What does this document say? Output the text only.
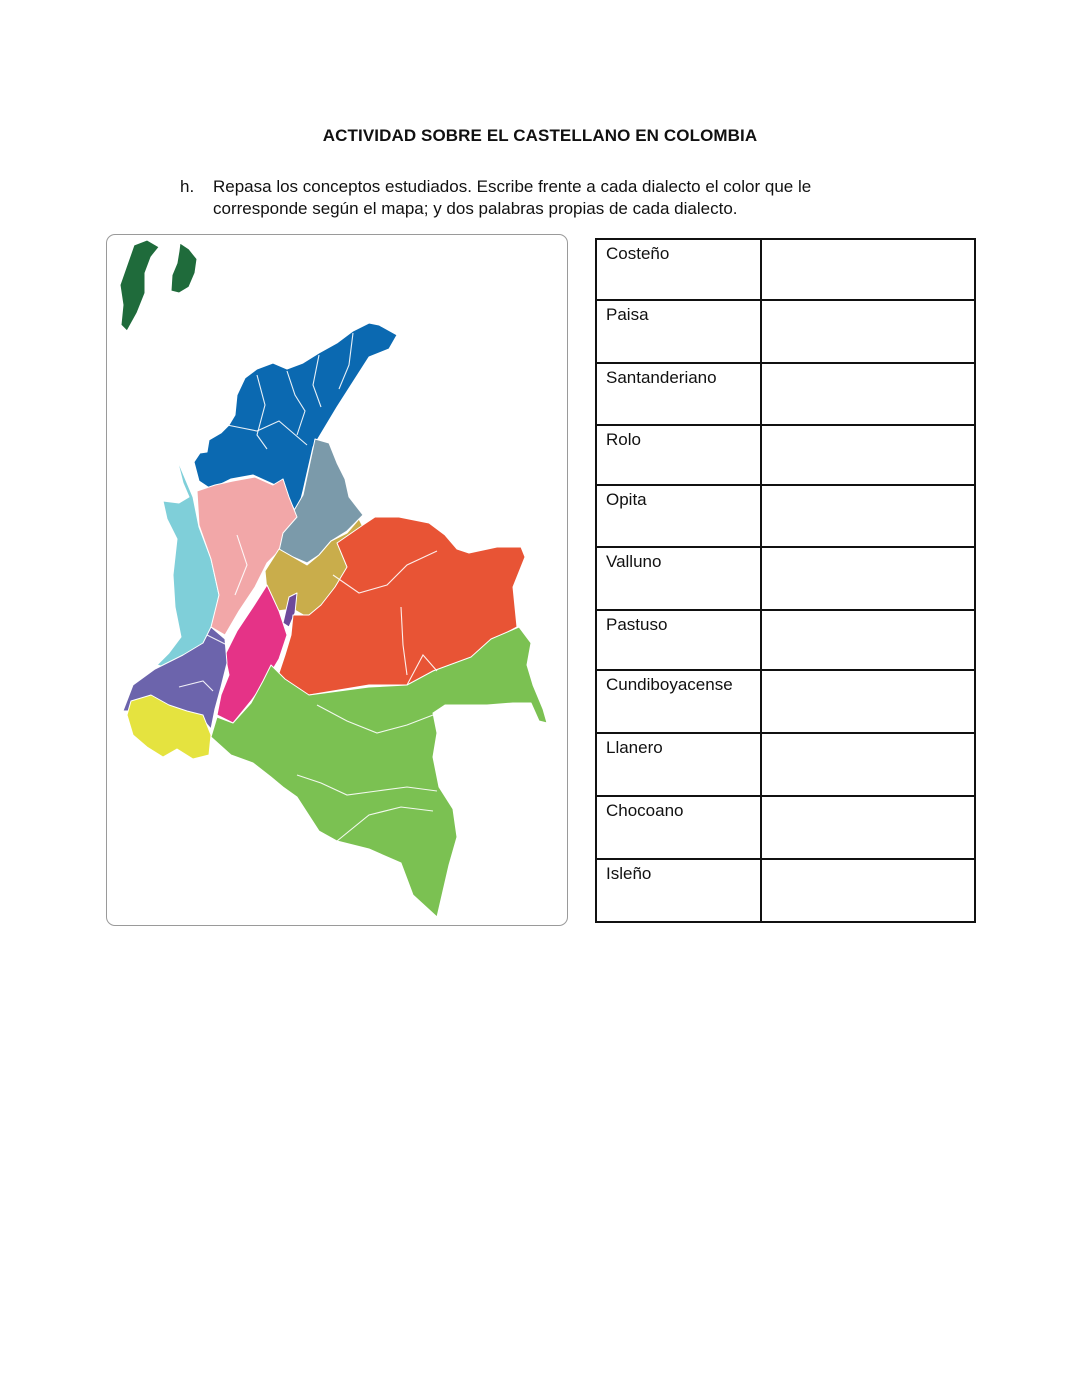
ACTIVIDAD SOBRE EL CASTELLANO EN COLOMBIA
h. Repasa los conceptos estudiados. Escribe frente a cada dialecto el color que le corresponde según el mapa; y dos palabras propias de cada dialecto.
Costeño	
Paisa	
Santanderiano	
Rolo	
Opita	
Valluno	
Pastuso	
Cundiboyacense	
Llanero	
Chocoano	
Isleño	
